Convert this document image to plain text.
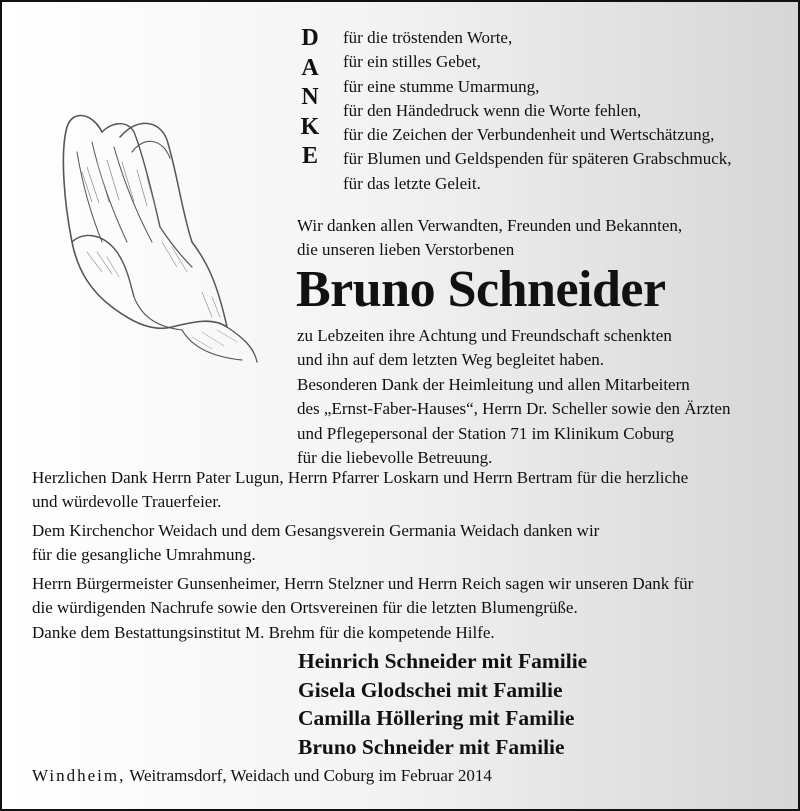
D
A
N
K
E
für die tröstenden Worte,
für ein stilles Gebet,
für eine stumme Umarmung,
für den Händedruck wenn die Worte fehlen,
für die Zeichen der Verbundenheit und Wertschätzung,
für Blumen und Geldspenden für späteren Grabschmuck,
für das letzte Geleit.
Wir danken allen Verwandten, Freunden und Bekannten,
die unseren lieben Verstorbenen
Bruno Schneider
zu Lebzeiten ihre Achtung und Freundschaft schenkten
und ihn auf dem letzten Weg begleitet haben.
Besonderen Dank der Heimleitung und allen Mitarbeitern
des „Ernst-Faber-Hauses“, Herrn Dr. Scheller sowie den Ärzten
und Pflegepersonal der Station 71 im Klinikum Coburg
für die liebevolle Betreuung.
Herzlichen Dank Herrn Pater Lugun, Herrn Pfarrer Loskarn und Herrn Bertram für die herzliche
und würdevolle Trauerfeier.
Dem Kirchenchor Weidach und dem Gesangsverein Germania Weidach danken wir
für die gesangliche Umrahmung.
Herrn Bürgermeister Gunsenheimer, Herrn Stelzner und Herrn Reich sagen wir unseren Dank für
die würdigenden Nachrufe sowie den Ortsvereinen für die letzten Blumengrüße.
Danke dem Bestattungsinstitut M. Brehm für die kompetende Hilfe.
Heinrich Schneider mit Familie
Gisela Glodschei mit Familie
Camilla Höllering mit Familie
Bruno Schneider mit Familie
Windheim, Weitramsdorf, Weidach und Coburg im Februar 2014
